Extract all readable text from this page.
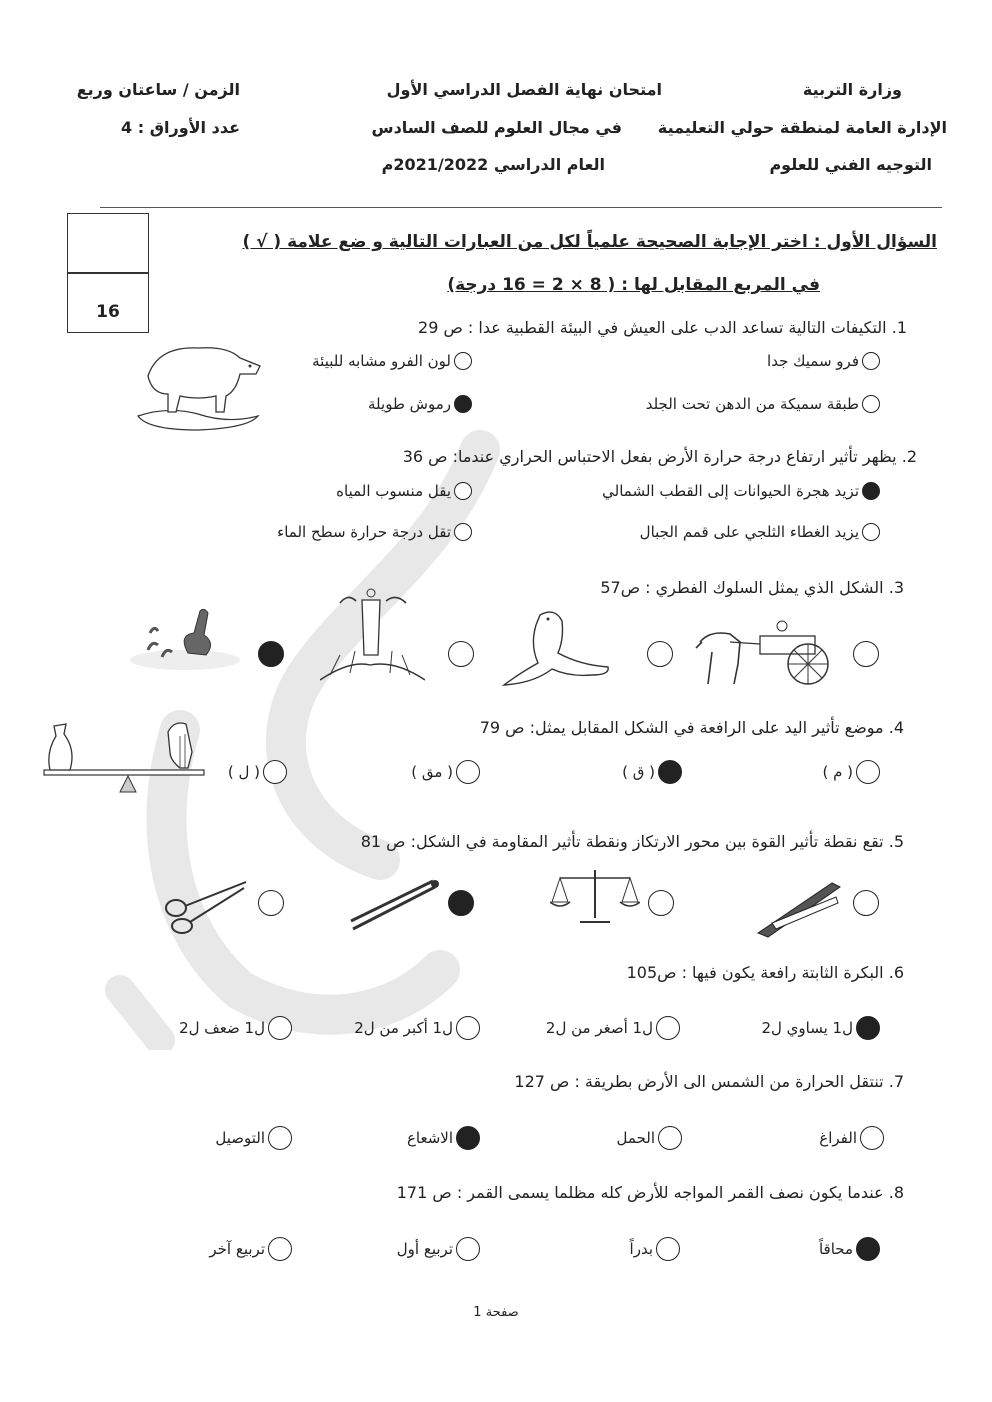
وزارة التربية
الإدارة العامة لمنطقة حولي التعليمية
التوجيه الفني للعلوم
امتحان نهاية الفصل الدراسي الأول
في مجال العلوم للصف السادس
العام الدراسي 2021/2022م
الزمن / ساعتان وربع
عدد الأوراق : 4
16
السؤال الأول : اختر الإجابة الصحيحة علمياً لكل من العبارات التالية و ضع علامة ( √ )
في المربع المقابل لها : ( 8 × 2 = 16 درجة)
1. التكيفات التالية تساعد الدب على العيش في البيئة القطبية عدا : ص 29
فرو سميك جدا
لون الفرو مشابه للبيئة
طبقة سميكة من الدهن تحت الجلد
رموش طويلة
2. يظهر تأثير ارتفاع درجة حرارة الأرض بفعل الاحتباس الحراري عندما: ص 36
تزيد هجرة الحيوانات إلى القطب الشمالي
يقل منسوب المياه
يزيد الغطاء الثلجي على قمم الجبال
تقل درجة حرارة سطح الماء
3. الشكل الذي يمثل السلوك الفطري : ص57
4. موضع تأثير اليد على الرافعة في الشكل المقابل يمثل: ص 79
( م )
( ق )
( مق )
( ل )
5. تقع نقطة تأثير القوة بين محور الارتكاز ونقطة تأثير المقاومة في الشكل: ص 81
6. البكرة الثابتة رافعة يكون فيها : ص105
ل1 يساوي ل2
ل1 أصغر من ل2
ل1 أكبر من ل2
ل1 ضعف ل2
7. تنتقل الحرارة من الشمس الى الأرض بطريقة : ص 127
الفراغ
الحمل
الاشعاع
التوصيل
8. عندما يكون نصف القمر المواجه للأرض كله مظلما يسمى القمر : ص 171
محاقاً
بدراً
تربيع أول
تربيع آخر
صفحة 1
